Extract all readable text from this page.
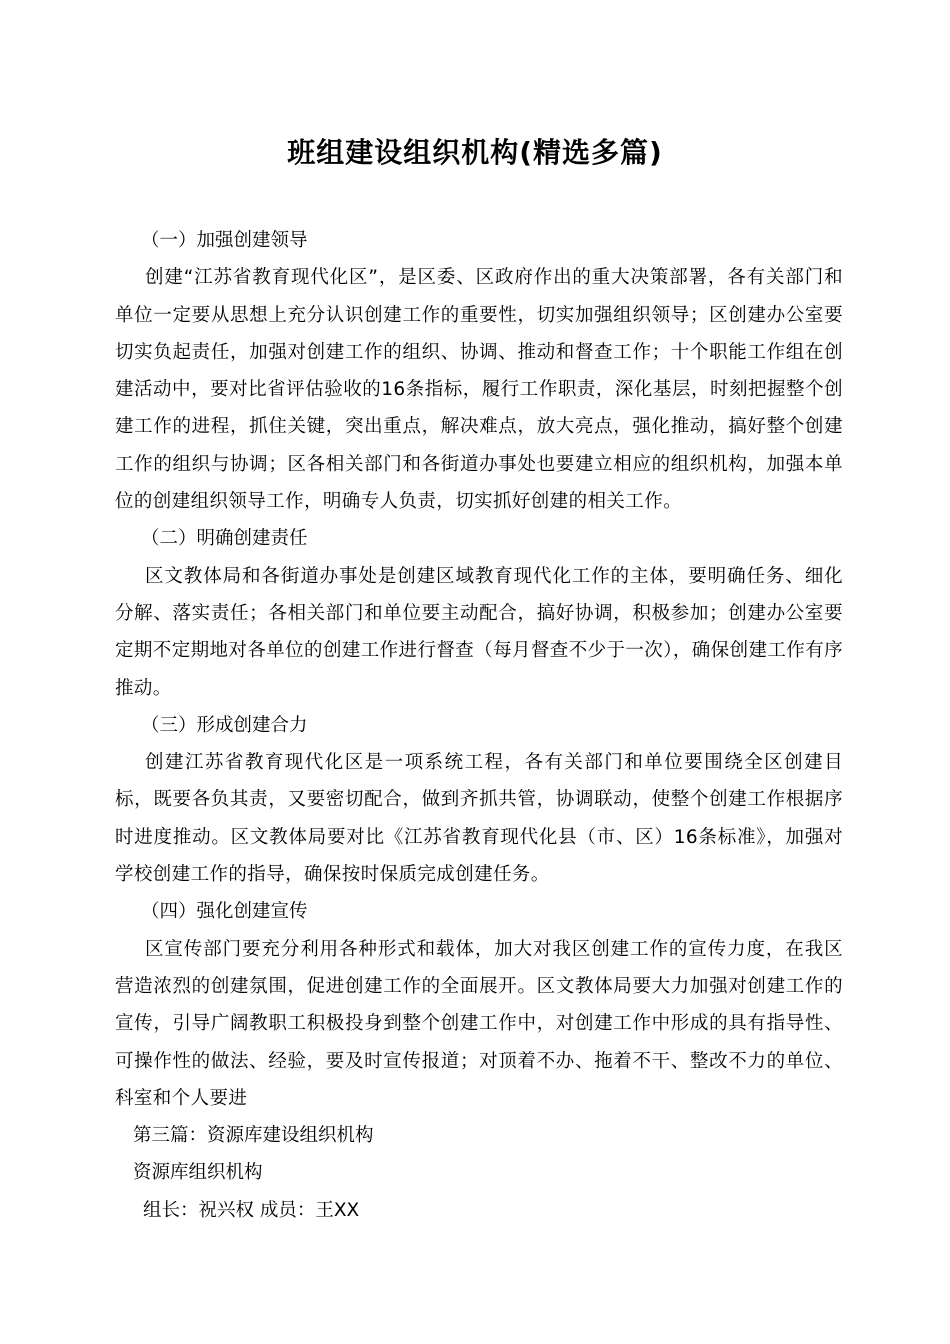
班组建设组织机构(精选多篇)

（一）加强创建领导

创建“江苏省教育现代化区”，是区委、区政府作出的重大决策部署，各有关部门和单位一定要从思想上充分认识创建工作的重要性，切实加强组织领导；区创建办公室要切实负起责任，加强对创建工作的组织、协调、推动和督查工作；十个职能工作组在创建活动中，要对比省评估验收的16条指标，履行工作职责，深化基层，时刻把握整个创建工作的进程，抓住关键，突出重点，解决难点，放大亮点，强化推动，搞好整个创建工作的组织与协调；区各相关部门和各街道办事处也要建立相应的组织机构，加强本单位的创建组织领导工作，明确专人负责，切实抓好创建的相关工作。

（二）明确创建责任

区文教体局和各街道办事处是创建区域教育现代化工作的主体，要明确任务、细化分解、落实责任；各相关部门和单位要主动配合，搞好协调，积极参加；创建办公室要定期不定期地对各单位的创建工作进行督查（每月督查不少于一次），确保创建工作有序推动。

（三）形成创建合力

创建江苏省教育现代化区是一项系统工程，各有关部门和单位要围绕全区创建目标，既要各负其责，又要密切配合，做到齐抓共管，协调联动，使整个创建工作根据序时进度推动。区文教体局要对比《江苏省教育现代化县（市、区）16条标准》，加强对学校创建工作的指导，确保按时保质完成创建任务。

（四）强化创建宣传

区宣传部门要充分利用各种形式和载体，加大对我区创建工作的宣传力度，在我区营造浓烈的创建氛围，促进创建工作的全面展开。区文教体局要大力加强对创建工作的宣传，引导广阔教职工积极投身到整个创建工作中，对创建工作中形成的具有指导性、可操作性的做法、经验，要及时宣传报道；对顶着不办、拖着不干、整改不力的单位、科室和个人要进

第三篇：资源库建设组织机构

资源库组织机构

组长：祝兴权 成员：王XX
